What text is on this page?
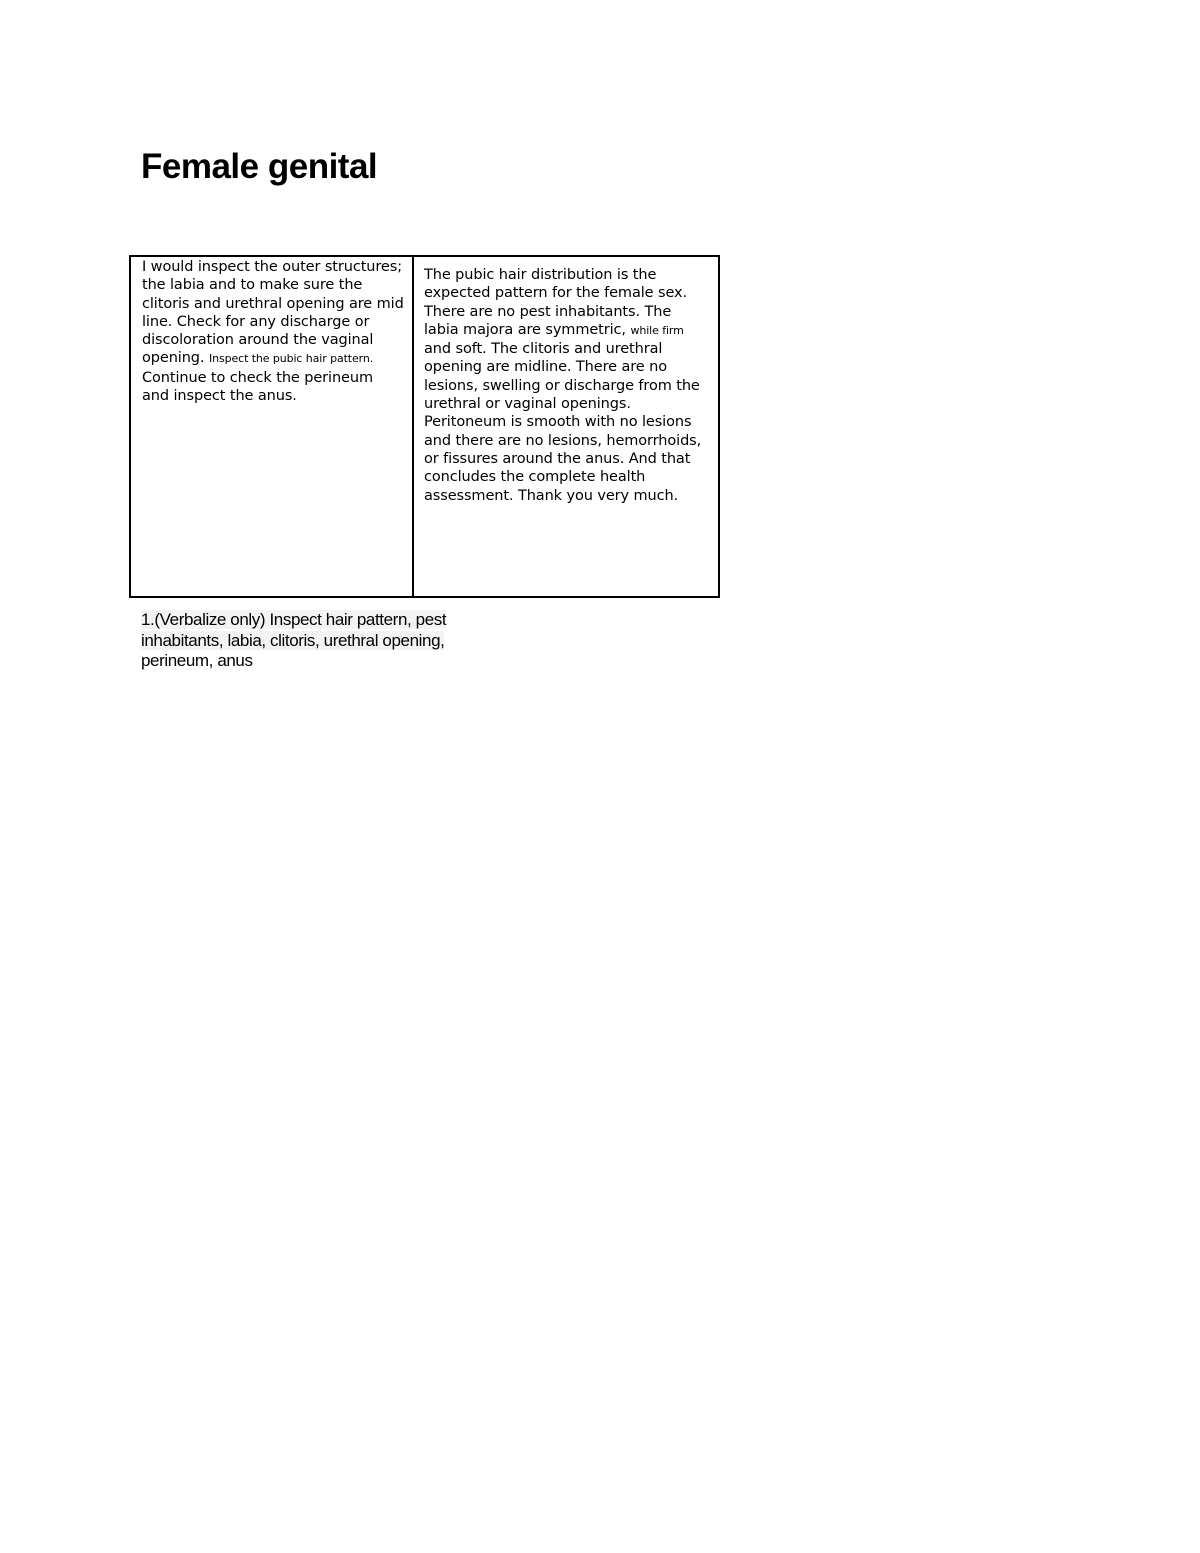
Female genital

I would inspect the outer structures; the labia and to make sure the clitoris and urethral opening are mid line. Check for any discharge or discoloration around the vaginal opening. Inspect the pubic hair pattern. Continue to check the perineum and inspect the anus.

The pubic hair distribution is the expected pattern for the female sex. There are no pest inhabitants. The labia majora are symmetric, while firm and soft. The clitoris and urethral opening are midline. There are no lesions, swelling or discharge from the urethral or vaginal openings. Peritoneum is smooth with no lesions and there are no lesions, hemorrhoids, or fissures around the anus. And that concludes the complete health assessment. Thank you very much.

1.(Verbalize only) Inspect hair pattern, pest inhabitants, labia, clitoris, urethral opening, perineum, anus
